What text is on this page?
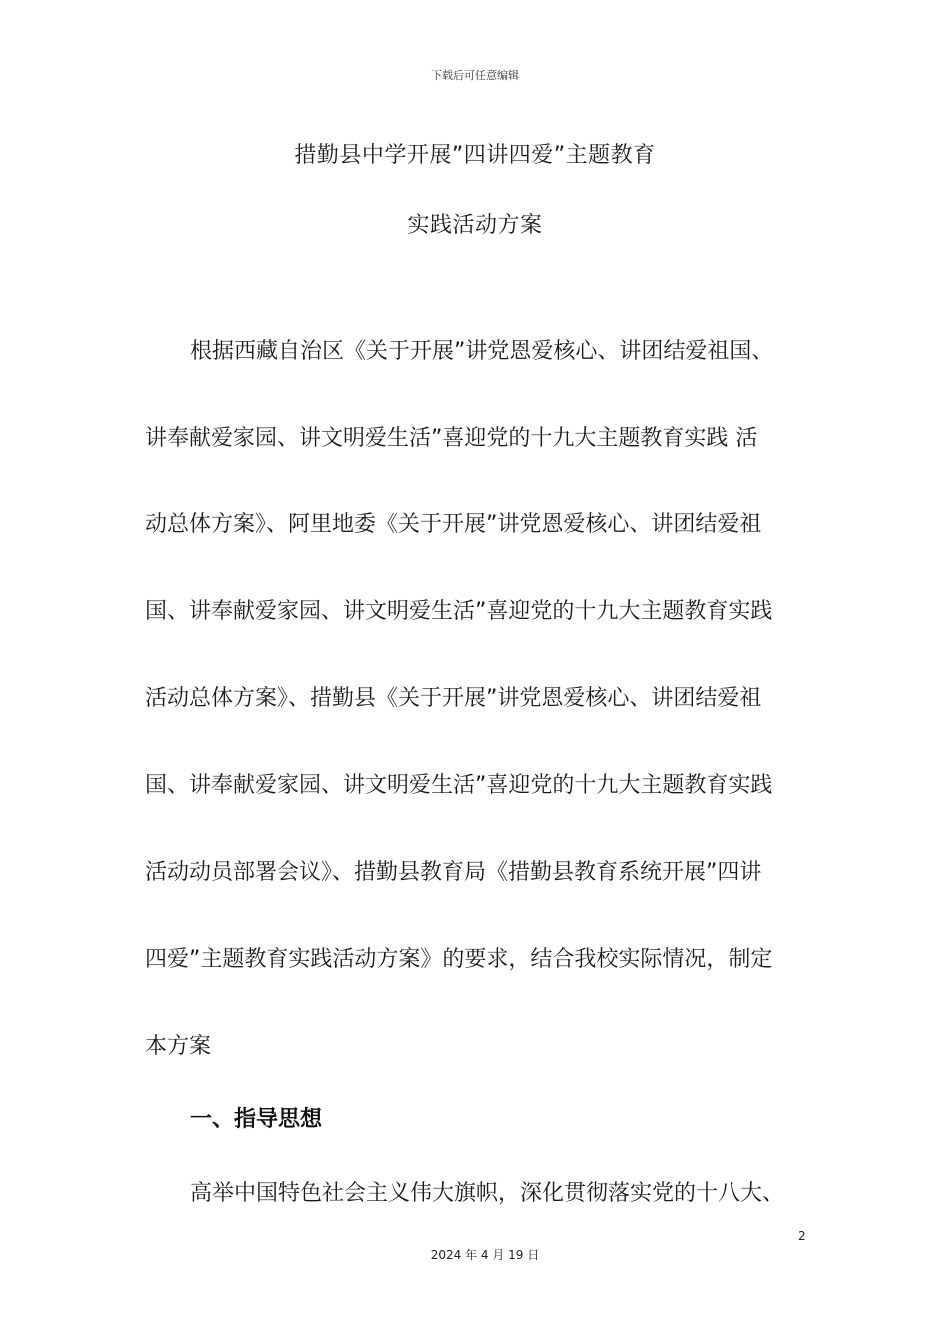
下载后可任意编辑
措勤县中学开展”四讲四爱”主题教育
实践活动方案
根据西藏自治区《关于开展”讲党恩爱核心、讲团结爱祖国、
讲奉献爱家园、讲文明爱生活”喜迎党的十九大主题教育实践 活
动总体方案》、阿里地委《关于开展”讲党恩爱核心、讲团结爱祖
国、讲奉献爱家园、讲文明爱生活”喜迎党的十九大主题教育实践
活动总体方案》、措勤县《关于开展”讲党恩爱核心、讲团结爱祖
国、讲奉献爱家园、讲文明爱生活”喜迎党的十九大主题教育实践
活动动员部署会议》、措勤县教育局《措勤县教育系统开展”四讲
四爱”主题教育实践活动方案》的要求，结合我校实际情况，制定
本方案
一、指导思想
高举中国特色社会主义伟大旗帜，深化贯彻落实党的十八大、
2
2024 年 4 月 19 日
